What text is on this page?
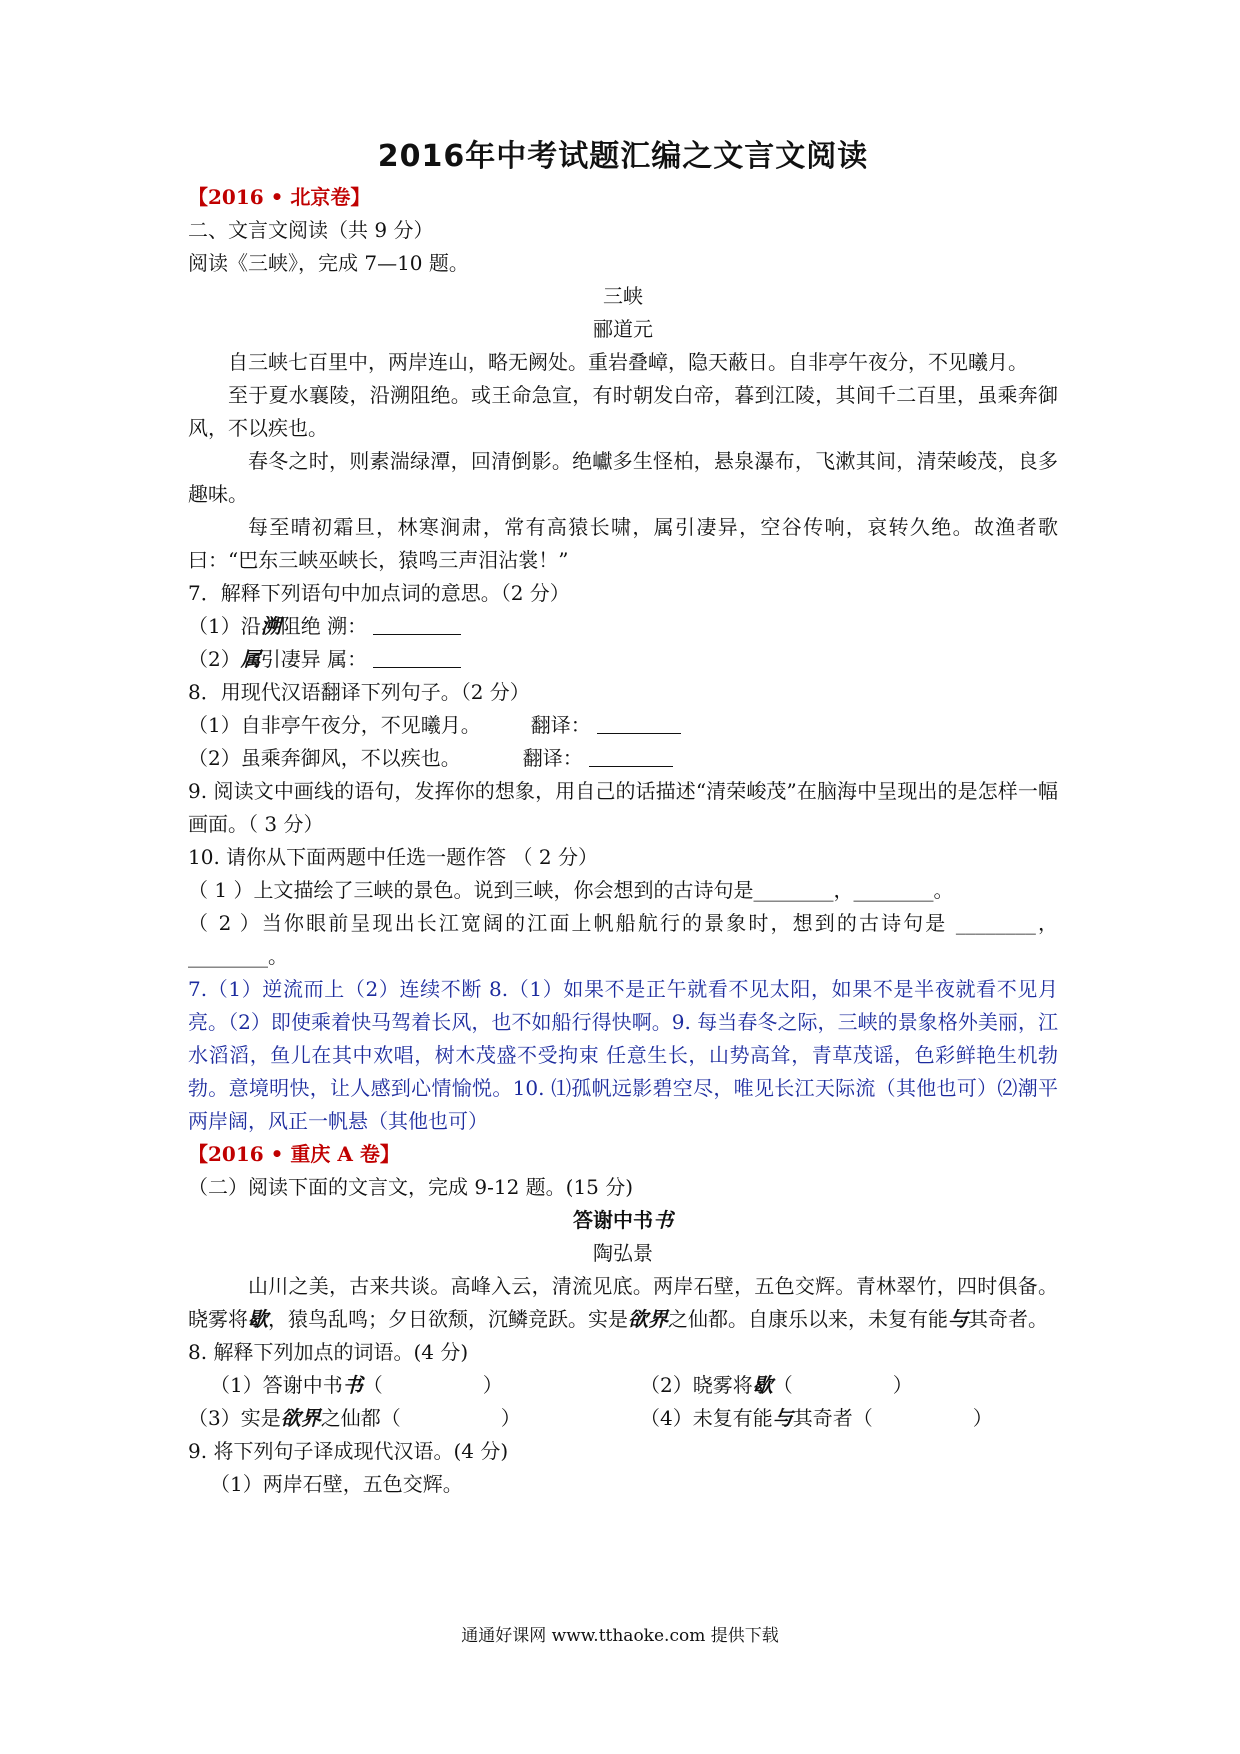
2016年中考试题汇编之文言文阅读
【2016 • 北京卷】
二、文言文阅读（共 9 分）
阅读《三峡》，完成 7—10 题。
三峡
郦道元
自三峡七百里中，两岸连山，略无阙处。重岩叠嶂，隐天蔽日。自非亭午夜分，不见曦月。
至于夏水襄陵，沿溯阻绝。或王命急宣，有时朝发白帝，暮到江陵，其间千二百里，虽乘奔御风，不以疾也。
春冬之时，则素湍绿潭，回清倒影。绝巘多生怪柏，悬泉瀑布，飞漱其间，清荣峻茂，良多趣味。
每至晴初霜旦，林寒涧肃，常有高猿长啸，属引凄异，空谷传响，哀转久绝。故渔者歌曰：“巴东三峡巫峡长，猿鸣三声泪沾裳！”
7．解释下列语句中加点词的意思。（2 分）
（1）沿溯阻绝 溯：
（2）属引凄异 属：
8．用现代汉语翻译下列句子。（2 分）
（1）自非亭午夜分，不见曦月。	翻译：
（2）虽乘奔御风，不以疾也。	翻译：
9. 阅读文中画线的语句，发挥你的想象，用自己的话描述“清荣峻茂”在脑海中呈现出的是怎样一幅画面。（ 3 分）
10. 请你从下面两题中任选一题作答 （ 2 分）
（ 1 ）上文描绘了三峡的景色。说到三峡，你会想到的古诗句是________，________。
（ 2 ）当你眼前呈现出长江宽阔的江面上帆船航行的景象时，想到的古诗句是 ________，________。
7.（1）逆流而上（2）连续不断 8.（1）如果不是正午就看不见太阳，如果不是半夜就看不见月亮。（2）即使乘着快马驾着长风，也不如船行得快啊。9. 每当春冬之际，三峡的景象格外美丽，江水滔滔，鱼儿在其中欢唱，树木茂盛不受拘束 任意生长，山势高耸，青草茂谣，色彩鲜艳生机勃勃。意境明快，让人感到心情愉悦。10. ⑴孤帆远影碧空尽，唯见长江天际流（其他也可）⑵潮平两岸阔，风正一帆悬（其他也可）
【2016 • 重庆 A 卷】
（二）阅读下面的文言文，完成 9-12 题。(15 分)
答谢中书书
陶弘景
山川之美，古来共谈。高峰入云，清流见底。两岸石壁，五色交辉。青林翠竹，四时俱备。晓雾将歇，猿鸟乱鸣；夕日欲颓，沉鳞竞跃。实是欲界之仙都。自康乐以来，未复有能与其奇者。
8. 解释下列加点的词语。(4 分)
（1）答谢中书书（	）	（2）晓雾将歇（	）
（3）实是欲界之仙都（	）	（4）未复有能与其奇者（	）
9. 将下列句子译成现代汉语。(4 分)
（1）两岸石壁，五色交辉。
通通好课网 www.tthaoke.com 提供下载
